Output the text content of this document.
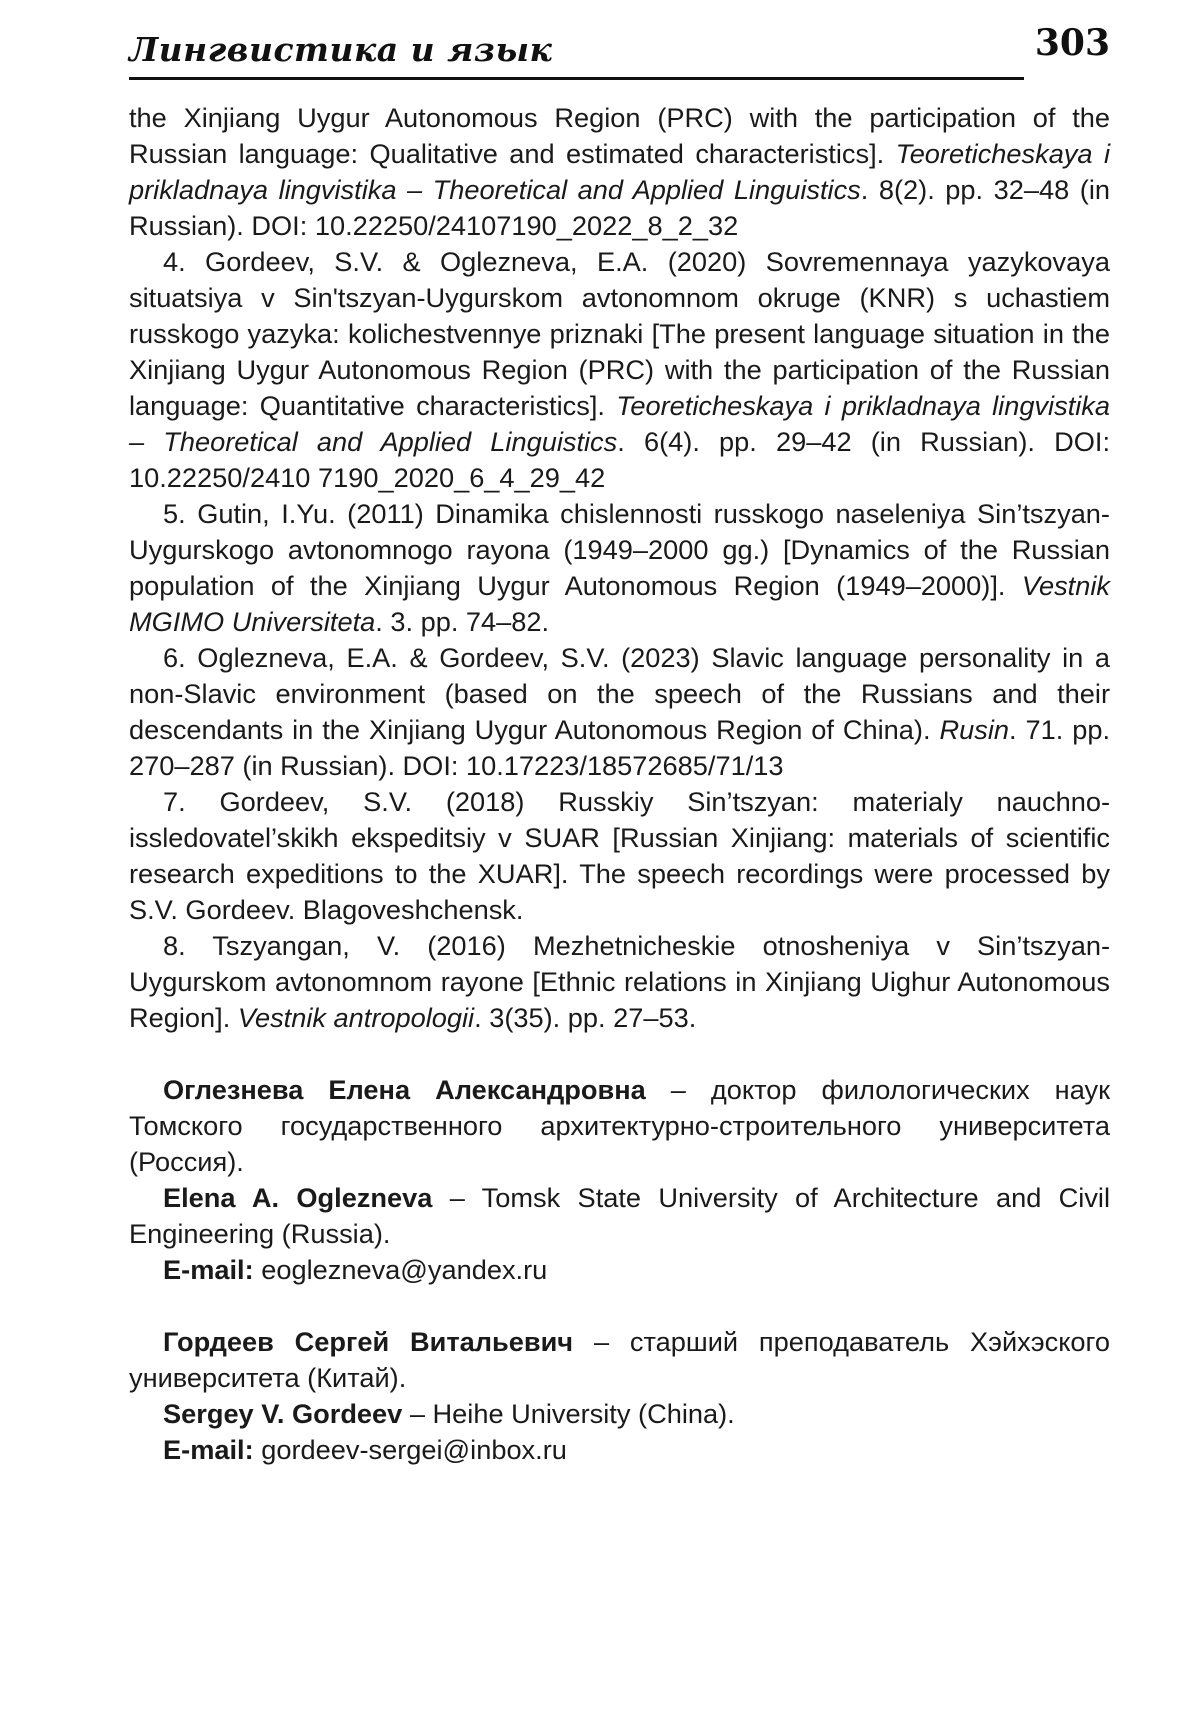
Лингвистика и язык	303

the Xinjiang Uygur Autonomous Region (PRC) with the participation of the Russian language: Qualitative and estimated characteristics]. Teoreticheskaya i prikladnaya lingvistika – Theoretical and Applied Linguistics. 8(2). pp. 32–48 (in Russian). DOI: 10.22250/24107190_2022_8_2_32

4. Gordeev, S.V. & Oglezneva, E.A. (2020) Sovremennaya yazykovaya situatsiya v Sin'tszyan-Uygurskom avtonomnom okruge (KNR) s uchastiem russkogo yazyka: kolichestvennye priznaki [The present language situation in the Xinjiang Uygur Autonomous Region (PRC) with the participation of the Russian language: Quantitative characteristics]. Teoreticheskaya i prikladnaya lingvistika – Theoretical and Applied Linguistics. 6(4). pp. 29–42 (in Russian). DOI: 10.22250/2410 7190_2020_6_4_29_42

5. Gutin, I.Yu. (2011) Dinamika chislennosti russkogo naseleniya Sin’tszyan-Uygurskogo avtonomnogo rayona (1949–2000 gg.) [Dynamics of the Russian population of the Xinjiang Uygur Autonomous Region (1949–2000)]. Vestnik MGIMO Universiteta. 3. pp. 74–82.

6. Oglezneva, E.A. & Gordeev, S.V. (2023) Slavic language personality in a non-Slavic environment (based on the speech of the Russians and their descendants in the Xinjiang Uygur Autonomous Region of China). Rusin. 71. pp. 270–287 (in Russian). DOI: 10.17223/18572685/71/13

7. Gordeev, S.V. (2018) Russkiy Sin’tszyan: materialy nauchno-issledovatel’skikh ekspeditsiy v SUAR [Russian Xinjiang: materials of scientific research expeditions to the XUAR]. The speech recordings were processed by S.V. Gordeev. Blagoveshchensk.

8. Tszyangan, V. (2016) Mezhetnicheskie otnosheniya v Sin’tszyan-Uygurskom avtonomnom rayone [Ethnic relations in Xinjiang Uighur Autonomous Region]. Vestnik antropologii. 3(35). pp. 27–53.

Оглезнева Елена Александровна – доктор филологических наук Томского государственного архитектурно-строительного университета (Россия).

Elena A. Oglezneva – Tomsk State University of Architecture and Civil Engineering (Russia).

E-mail: eoglezneva@yandex.ru

Гордеев Сергей Витальевич – старший преподаватель Хэйхэского университета (Китай).

Sergey V. Gordeev – Heihe University (China).

E-mail: gordeev-sergei@inbox.ru
